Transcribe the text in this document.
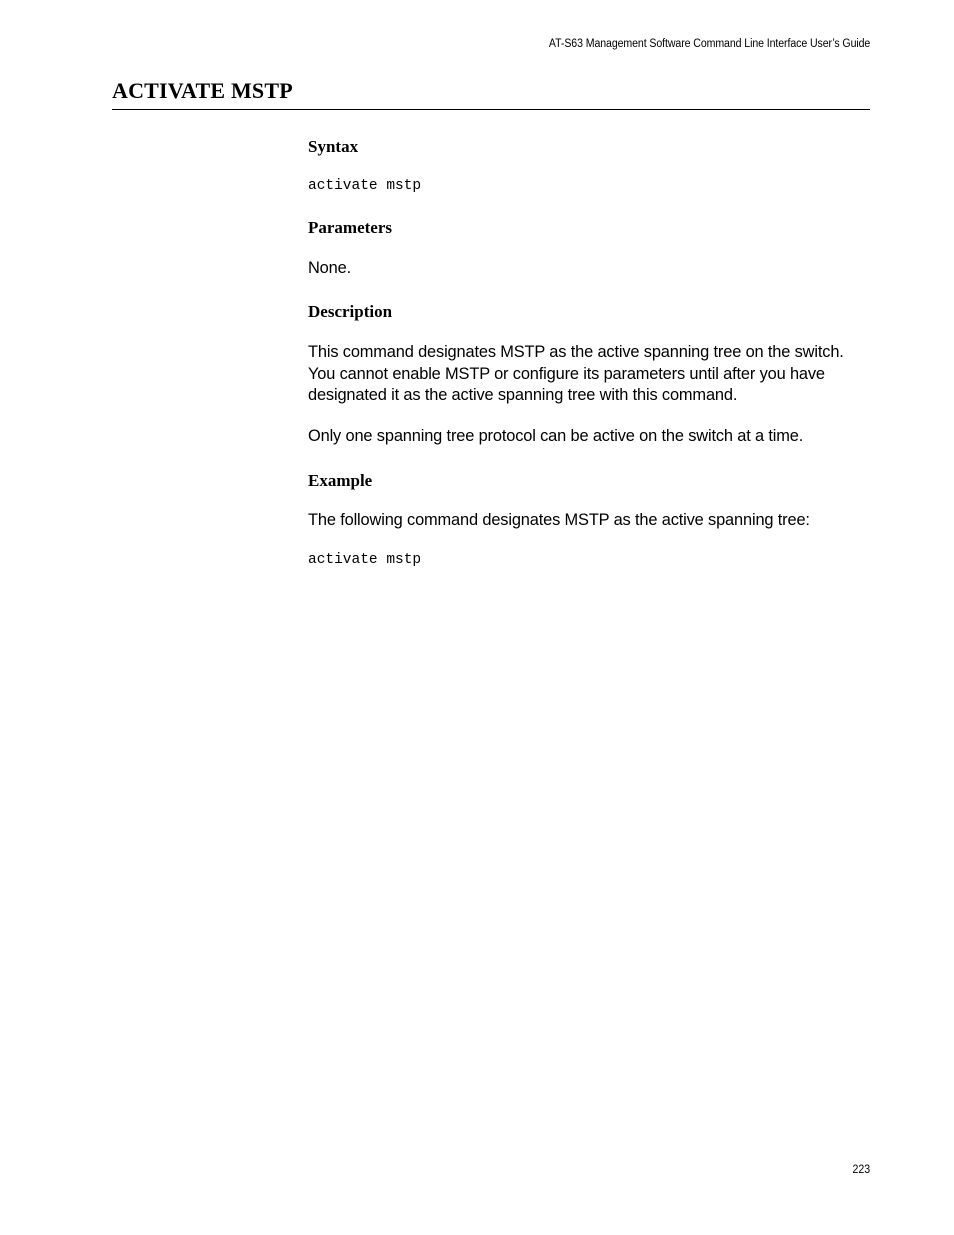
AT-S63 Management Software Command Line Interface User’s Guide
ACTIVATE MSTP
Syntax
activate mstp
Parameters

None.

Description

This command designates MSTP as the active spanning tree on the switch. You cannot enable MSTP or configure its parameters until after you have designated it as the active spanning tree with this command.

Only one spanning tree protocol can be active on the switch at a time.

Example

The following command designates MSTP as the active spanning tree:

activate mstp
223
